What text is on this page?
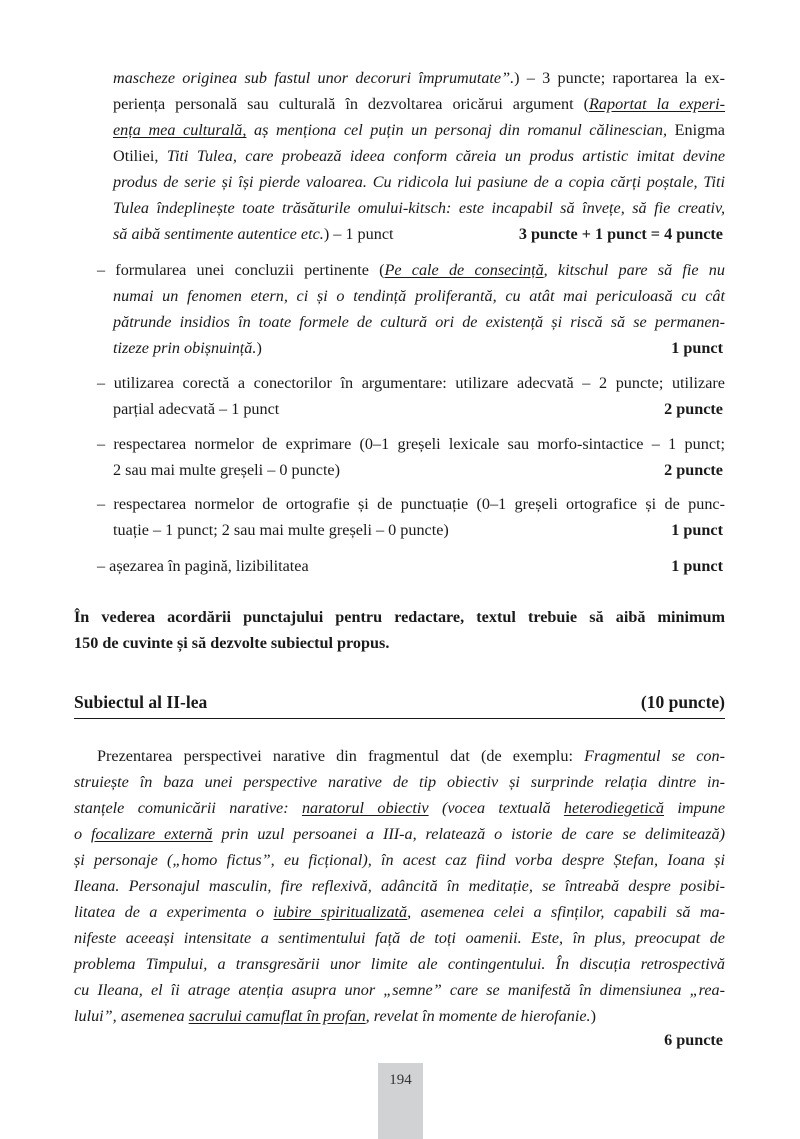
mascheze originea sub fastul unor decoruri împrumutate”.) – 3 puncte; raportarea la ex-
periența personală sau culturală în dezvoltarea oricărui argument (Raportat la experi-
ența mea culturală, aș menționa cel puțin un personaj din romanul călinescian, Enigma
Otiliei, Titi Tulea, care probează ideea conform căreia un produs artistic imitat devine
produs de serie și își pierde valoarea. Cu ridicola lui pasiune de a copia cărți poștale, Titi
Tulea îndeplinește toate trăsăturile omului-kitsch: este incapabil să învețe, să fie creativ,
să aibă sentimente autentice etc.) – 1 punct	3 puncte + 1 punct = 4 puncte
– formularea unei concluzii pertinente (Pe cale de consecință, kitschul pare să fie nu
numai un fenomen etern, ci și o tendință proliferantă, cu atât mai periculoasă cu cât
pătrunde insidios în toate formele de cultură ori de existență și riscă să se permanen-
tizeze prin obișnuință.)	1 punct
– utilizarea corectă a conectorilor în argumentare: utilizare adecvată – 2 puncte; utilizare
parțial adecvată – 1 punct	2 puncte
– respectarea normelor de exprimare (0–1 greșeli lexicale sau morfo-sintactice – 1 punct;
2 sau mai multe greșeli – 0 puncte)	2 puncte
– respectarea normelor de ortografie și de punctuație (0–1 greșeli ortografice și de punc-
tuație – 1 punct; 2 sau mai multe greșeli – 0 puncte)	1 punct
– așezarea în pagină, lizibilitatea	1 punct
În vederea acordării punctajului pentru redactare, textul trebuie să aibă minimum
150 de cuvinte și să dezvolte subiectul propus.
Subiectul al II-lea	(10 puncte)
Prezentarea perspectivei narative din fragmentul dat (de exemplu: Fragmentul se con-
struiește în baza unei perspective narative de tip obiectiv și surprinde relația dintre in-
stanțele comunicării narative: naratorul obiectiv (vocea textuală heterodiegetică impune
o focalizare externă prin uzul persoanei a III-a, relatează o istorie de care se delimitează)
și personaje („homo fictus”, eu ficțional), în acest caz fiind vorba despre Ștefan, Ioana și
Ileana. Personajul masculin, fire reflexivă, adâncită în meditație, se întreabă despre posibi-
litatea de a experimenta o iubire spiritualizată, asemenea celei a sfinților, capabili să ma-
nifeste aceeași intensitate a sentimentului față de toți oamenii. Este, în plus, preocupat de
problema Timpului, a transgresării unor limite ale contingentului. În discuția retrospectivă
cu Ileana, el îi atrage atenția asupra unor „semne” care se manifestă în dimensiunea „rea-
lului”, asemenea sacrului camuflat în profan, revelat în momente de hierofanie.)
6 puncte
194
